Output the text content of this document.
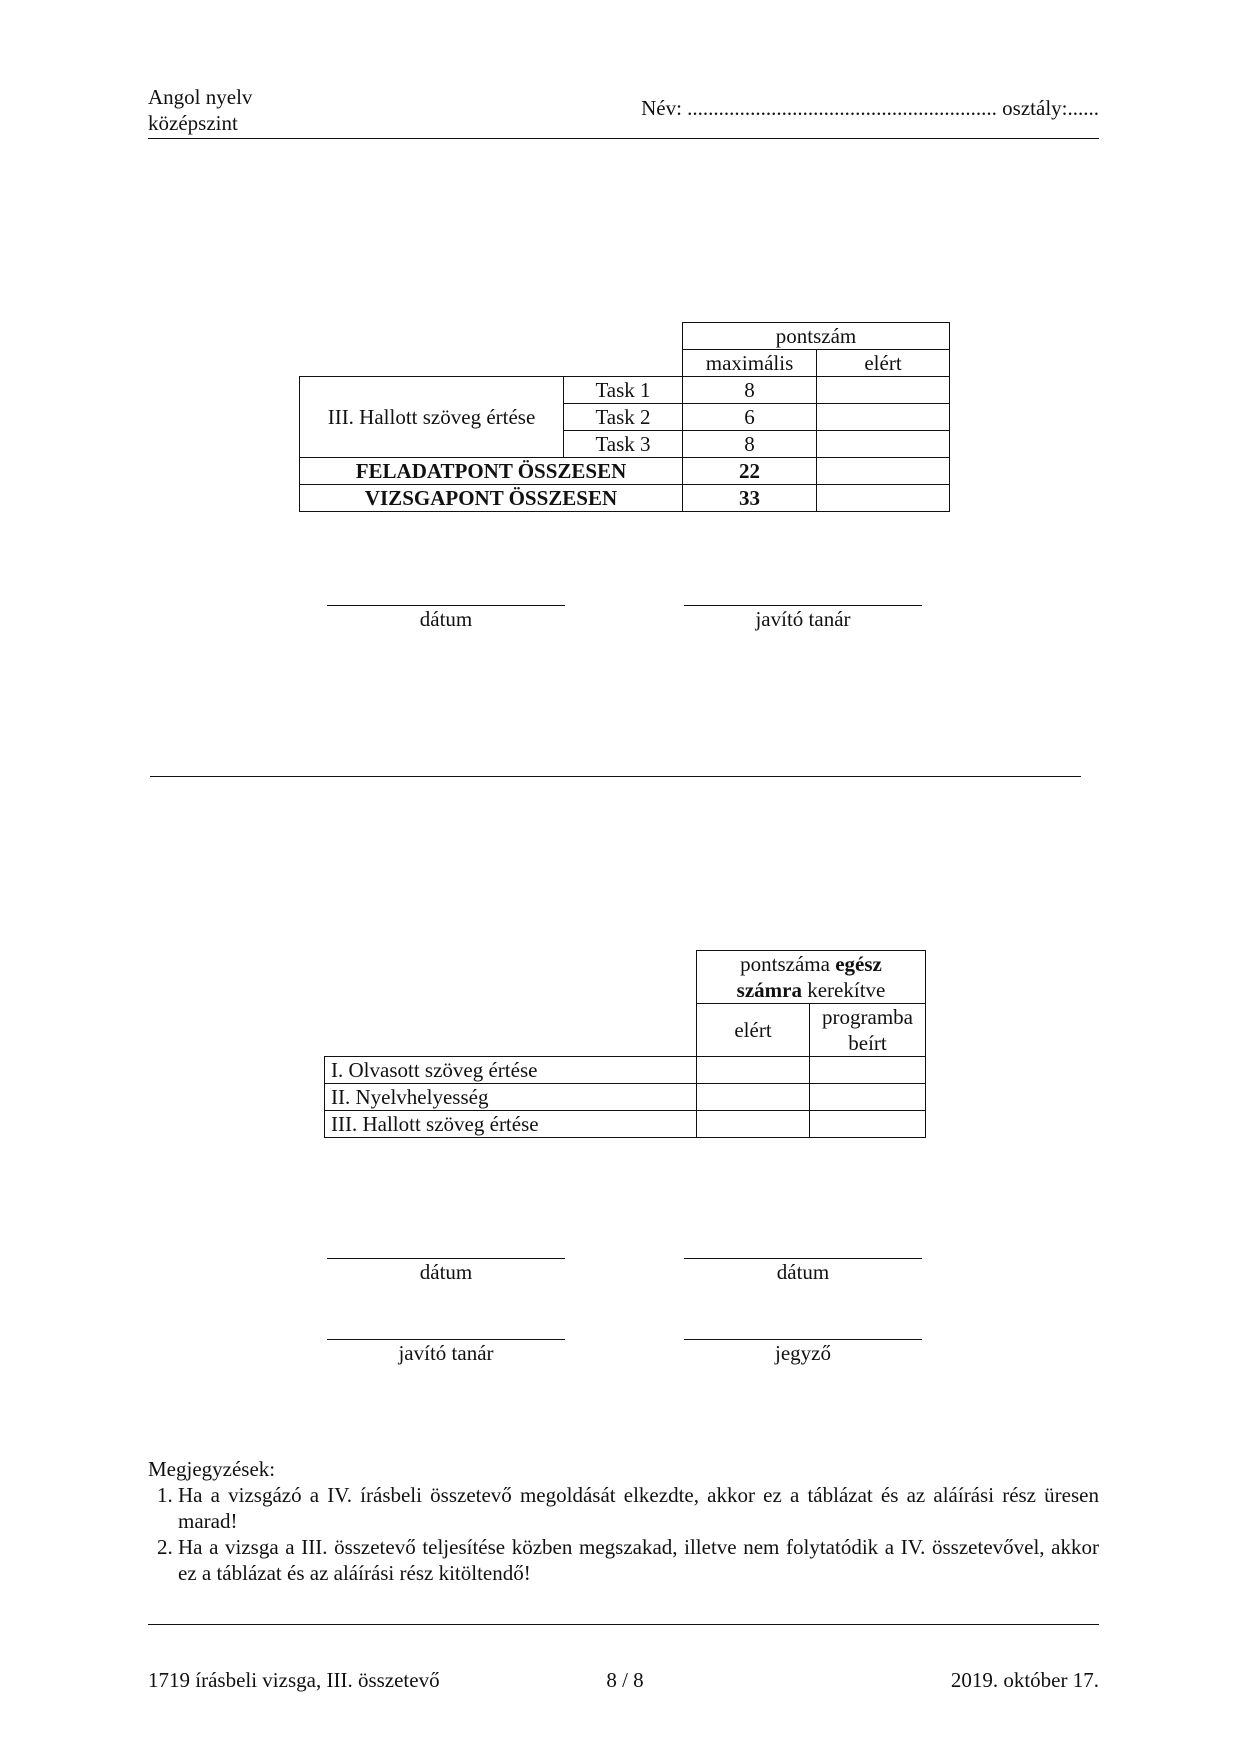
Angol nyelv
középszint
Név: ........................................................... osztály:......
		pontszám	
		maximális	elért
III. Hallott szöveg értése	Task 1	8	
	Task 2	6	
	Task 3	8	
FELADATPONT ÖSSZESEN		22	
VIZSGAPONT ÖSSZESEN		33	
dátum	javító tanár
	pontszáma egész
számra kerekítve	
	elért	programba
beírt
I. Olvasott szöveg értése		
II. Nyelvhelyesség		
III. Hallott szöveg értése		
dátum	dátum
javító tanár	jegyző
Megjegyzések:
1. Ha a vizsgázó a IV. írásbeli összetevő megoldását elkezdte, akkor ez a táblázat és az aláírási rész üresen marad!
2. Ha a vizsga a III. összetevő teljesítése közben megszakad, illetve nem folytatódik a IV. összetevővel, akkor ez a táblázat és az aláírási rész kitöltendő!
1719 írásbeli vizsga, III. összetevő	8 / 8	2019. október 17.
